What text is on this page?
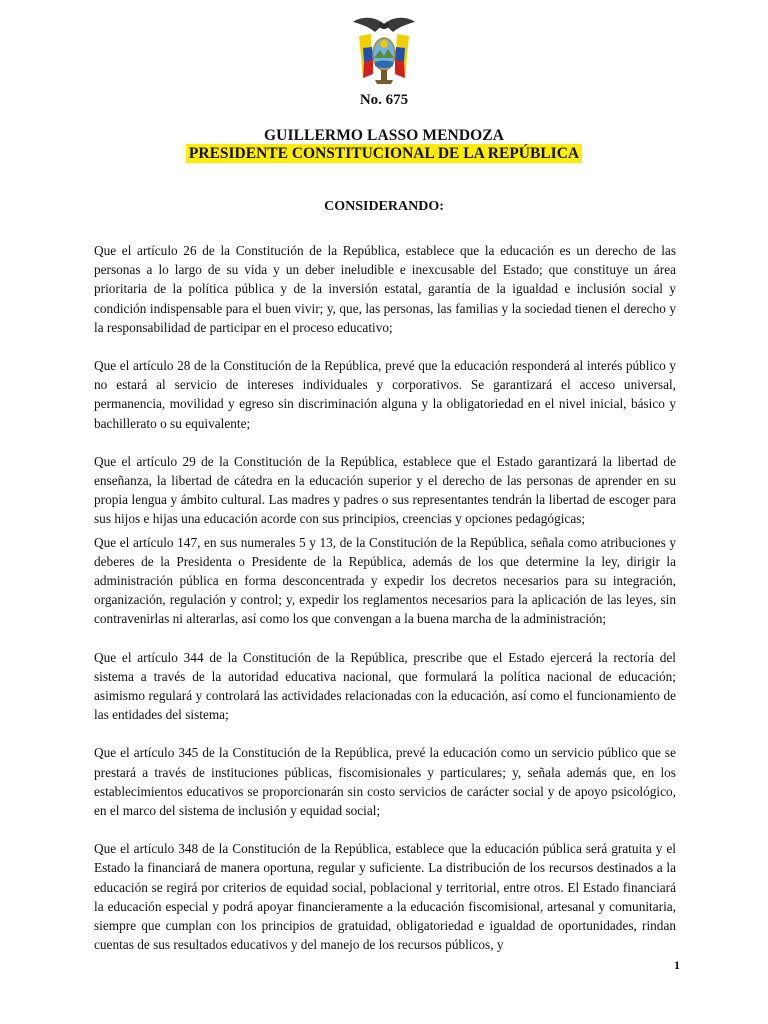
No. 675
GUILLERMO LASSO MENDOZA
PRESIDENTE CONSTITUCIONAL DE LA REPÚBLICA
CONSIDERANDO:

Que el artículo 26 de la Constitución de la República, establece que la educación es un derecho de las personas a lo largo de su vida y un deber ineludible e inexcusable del Estado; que constituye un área prioritaria de la política pública y de la inversión estatal, garantía de la igualdad e inclusión social y condición indispensable para el buen vivir; y, que, las personas, las familias y la sociedad tienen el derecho y la responsabilidad de participar en el proceso educativo;

Que el artículo 28 de la Constitución de la República, prevé que la educación responderá al interés público y no estará al servicio de intereses individuales y corporativos. Se garantizará el acceso universal, permanencia, movilidad y egreso sin discriminación alguna y la obligatoriedad en el nivel inicial, básico y bachillerato o su equivalente;

Que el artículo 29 de la Constitución de la República, establece que el Estado garantizará la libertad de enseñanza, la libertad de cátedra en la educación superior y el derecho de las personas de aprender en su propia lengua y ámbito cultural. Las madres y padres o sus representantes tendrán la libertad de escoger para sus hijos e hijas una educación acorde con sus principios, creencias y opciones pedagógicas;

Que el artículo 147, en sus numerales 5 y 13, de la Constitución de la República, señala como atribuciones y deberes de la Presidenta o Presidente de la República, además de los que determine la ley, dirigir la administración pública en forma desconcentrada y expedir los decretos necesarios para su integración, organización, regulación y control; y, expedir los reglamentos necesarios para la aplicación de las leyes, sin contravenirlas ni alterarlas, así como los que convengan a la buena marcha de la administración;

Que el artículo 344 de la Constitución de la República, prescribe que el Estado ejercerá la rectoría del sistema a través de la autoridad educativa nacional, que formulará la política nacional de educación; asimismo regulará y controlará las actividades relacionadas con la educación, así como el funcionamiento de las entidades del sistema;

Que el artículo 345 de la Constitución de la República, prevé la educación como un servicio público que se prestará a través de instituciones públicas, fiscomisionales y particulares; y, señala además que, en los establecimientos educativos se proporcionarán sin costo servicios de carácter social y de apoyo psicológico, en el marco del sistema de inclusión y equidad social;

Que el artículo 348 de la Constitución de la República, establece que la educación pública será gratuita y el Estado la financiará de manera oportuna, regular y suficiente. La distribución de los recursos destinados a la educación se regirá por criterios de equidad social, poblacional y territorial, entre otros. El Estado financiará la educación especial y podrá apoyar financieramente a la educación fiscomisional, artesanal y comunitaria, siempre que cumplan con los principios de gratuidad, obligatoriedad e igualdad de oportunidades, rindan cuentas de sus resultados educativos y del manejo de los recursos públicos, y

1
